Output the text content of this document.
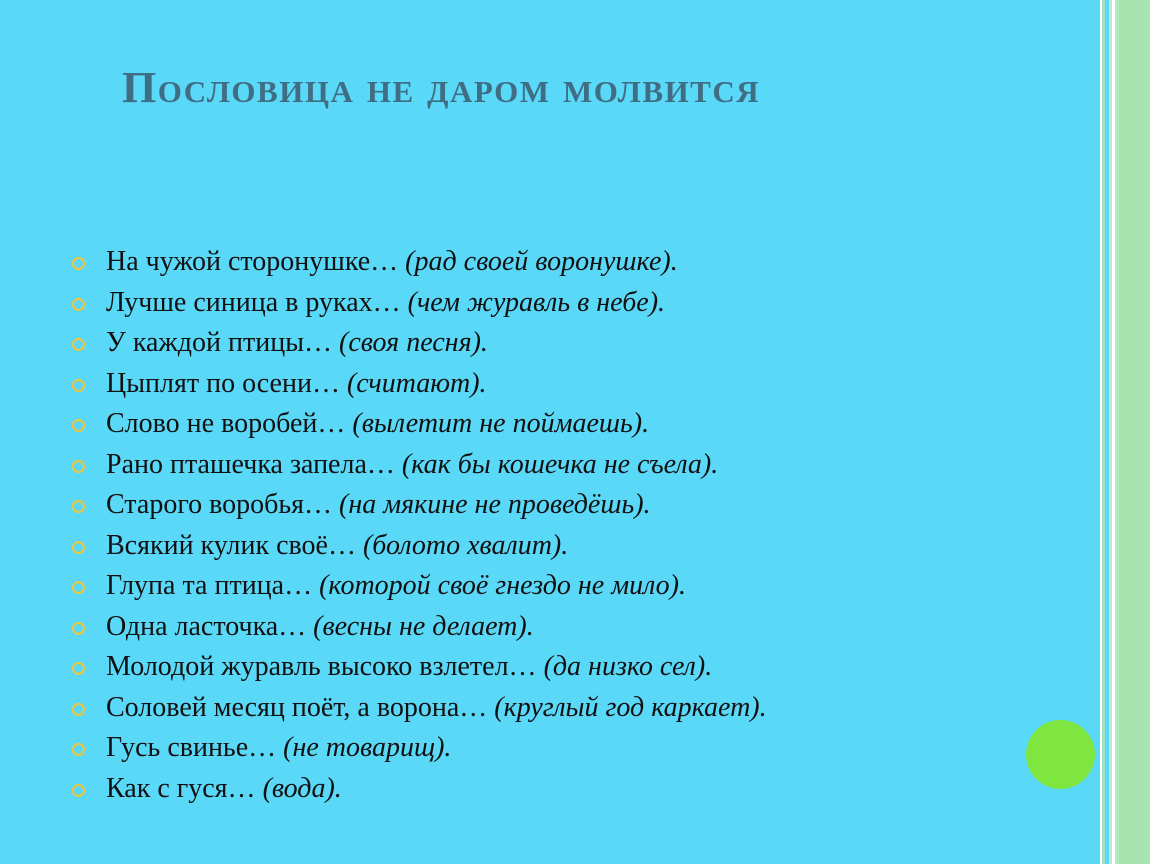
Пословица не даром молвится
На чужой сторонушке… (рад своей воронушке).
Лучше синица в руках… (чем журавль в небе).
У каждой птицы… (своя песня).
Цыплят по осени… (считают).
Слово не воробей… (вылетит не поймаешь).
Рано пташечка запела… (как бы кошечка не съела).
Старого воробья… (на мякине не проведёшь).
Всякий кулик своё… (болото хвалит).
Глупа та птица… (которой своё гнездо не мило).
Одна ласточка… (весны не делает).
Молодой журавль высоко взлетел… (да низко сел).
Соловей месяц поёт, а ворона… (круглый год каркает).
Гусь свинье… (не товарищ).
Как с гуся… (вода).
